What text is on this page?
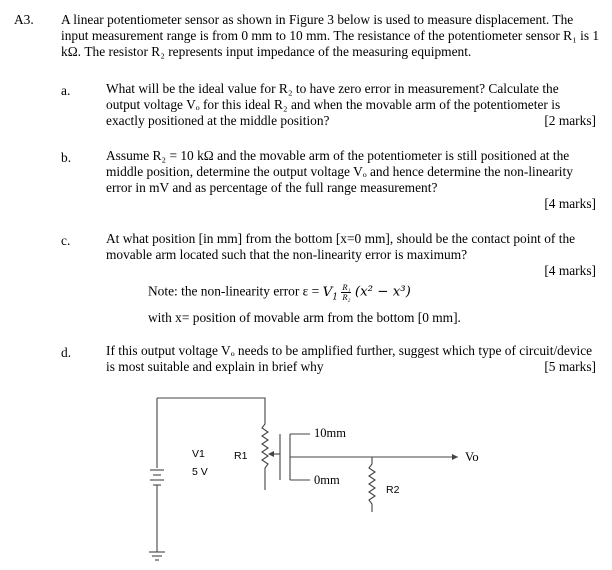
A3. A linear potentiometer sensor as shown in Figure 3 below is used to measure displacement. The input measurement range is from 0 mm to 10 mm. The resistance of the potentiometer sensor R₁ is 1 kΩ. The resistor R₂ represents input impedance of the measuring equipment.
a.	What will be the ideal value for R₂ to have zero error in measurement? Calculate the output voltage Vₒ for this ideal R₂ and when the movable arm of the potentiometer is exactly positioned at the middle position?	[2 marks]
b.	Assume R₂ = 10 kΩ and the movable arm of the potentiometer is still positioned at the middle position, determine the output voltage Vₒ and hence determine the non-linearity error in mV and as percentage of the full range measurement?

[4 marks]
c.	At what position [in mm] from the bottom [x=0 mm], should be the contact point of the movable arm located such that the non-linearity error is maximum?

[4 marks]
Note: the non-linearity error $\varepsilon = V_1 \frac{\text{R₁}}{\text{R₂}} (x^2 - x^3)$
with x= position of movable arm from the bottom [0 mm].
d.	If this output voltage Vₒ needs to be amplified further, suggest which type of circuit/device is most suitable and explain in brief why	[5 marks]
V1
5 V
R1
R2
10mm
0mm
Vo
